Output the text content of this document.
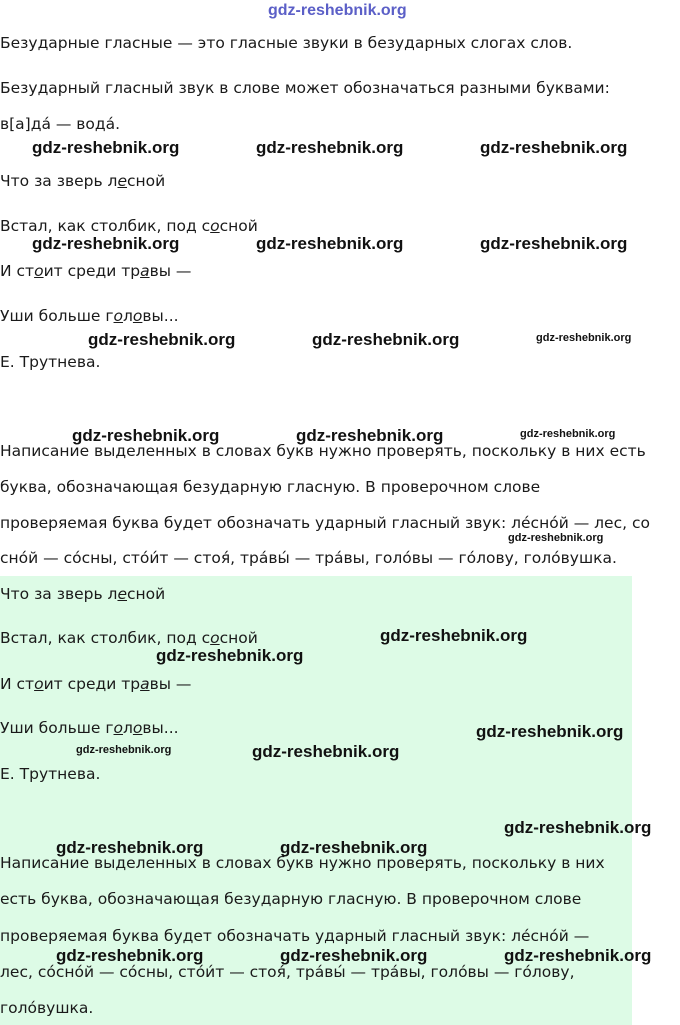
gdz-reshebnik.org
Безударные гласные — это гласные звуки в безударных слогах слов.
Безударный гласный звук в слове может обозначаться разными буквами:
в[а]да́ — вода́.
Что за зверь лесной
Встал, как столбик, под сосной
И стоит среди травы —
Уши больше головы...
Е. Трутнева.
Написание выделенных в словах букв нужно проверять, поскольку в них есть
буква, обозначающая безударную гласную. В проверочном слове
проверяемая буква будет обозначать ударный гласный звук: ле́сно́й — лес, со
сно́й — со́сны, сто́и́т — стоя́, тра́вы́ — тра́вы, голо́вы — го́лову, голо́вушка.
Что за зверь лесной
Встал, как столбик, под сосной
И стоит среди травы —
Уши больше головы...
Е. Трутнева.
Написание выделенных в словах букв нужно проверять, поскольку в них
есть буква, обозначающая безударную гласную. В проверочном слове
проверяемая буква будет обозначать ударный гласный звук: ле́сно́й —
лес, со́сно́й — со́сны, сто́и́т — стоя́, тра́вы́ — тра́вы, голо́вы — го́лову,
голо́вушка.
gdz-reshebnik.org	gdz-reshebnik.org	gdz-reshebnik.org
gdz-reshebnik.org	gdz-reshebnik.org	gdz-reshebnik.org
gdz-reshebnik.org	gdz-reshebnik.org	gdz-reshebnik.org
gdz-reshebnik.org	gdz-reshebnik.org	gdz-reshebnik.org
gdz-reshebnik.org
gdz-reshebnik.org
gdz-reshebnik.org
gdz-reshebnik.org	gdz-reshebnik.org
gdz-reshebnik.org
gdz-reshebnik.org	gdz-reshebnik.org
gdz-reshebnik.org	gdz-reshebnik.org	gdz-reshebnik.org
gdz-reshebnik.org
